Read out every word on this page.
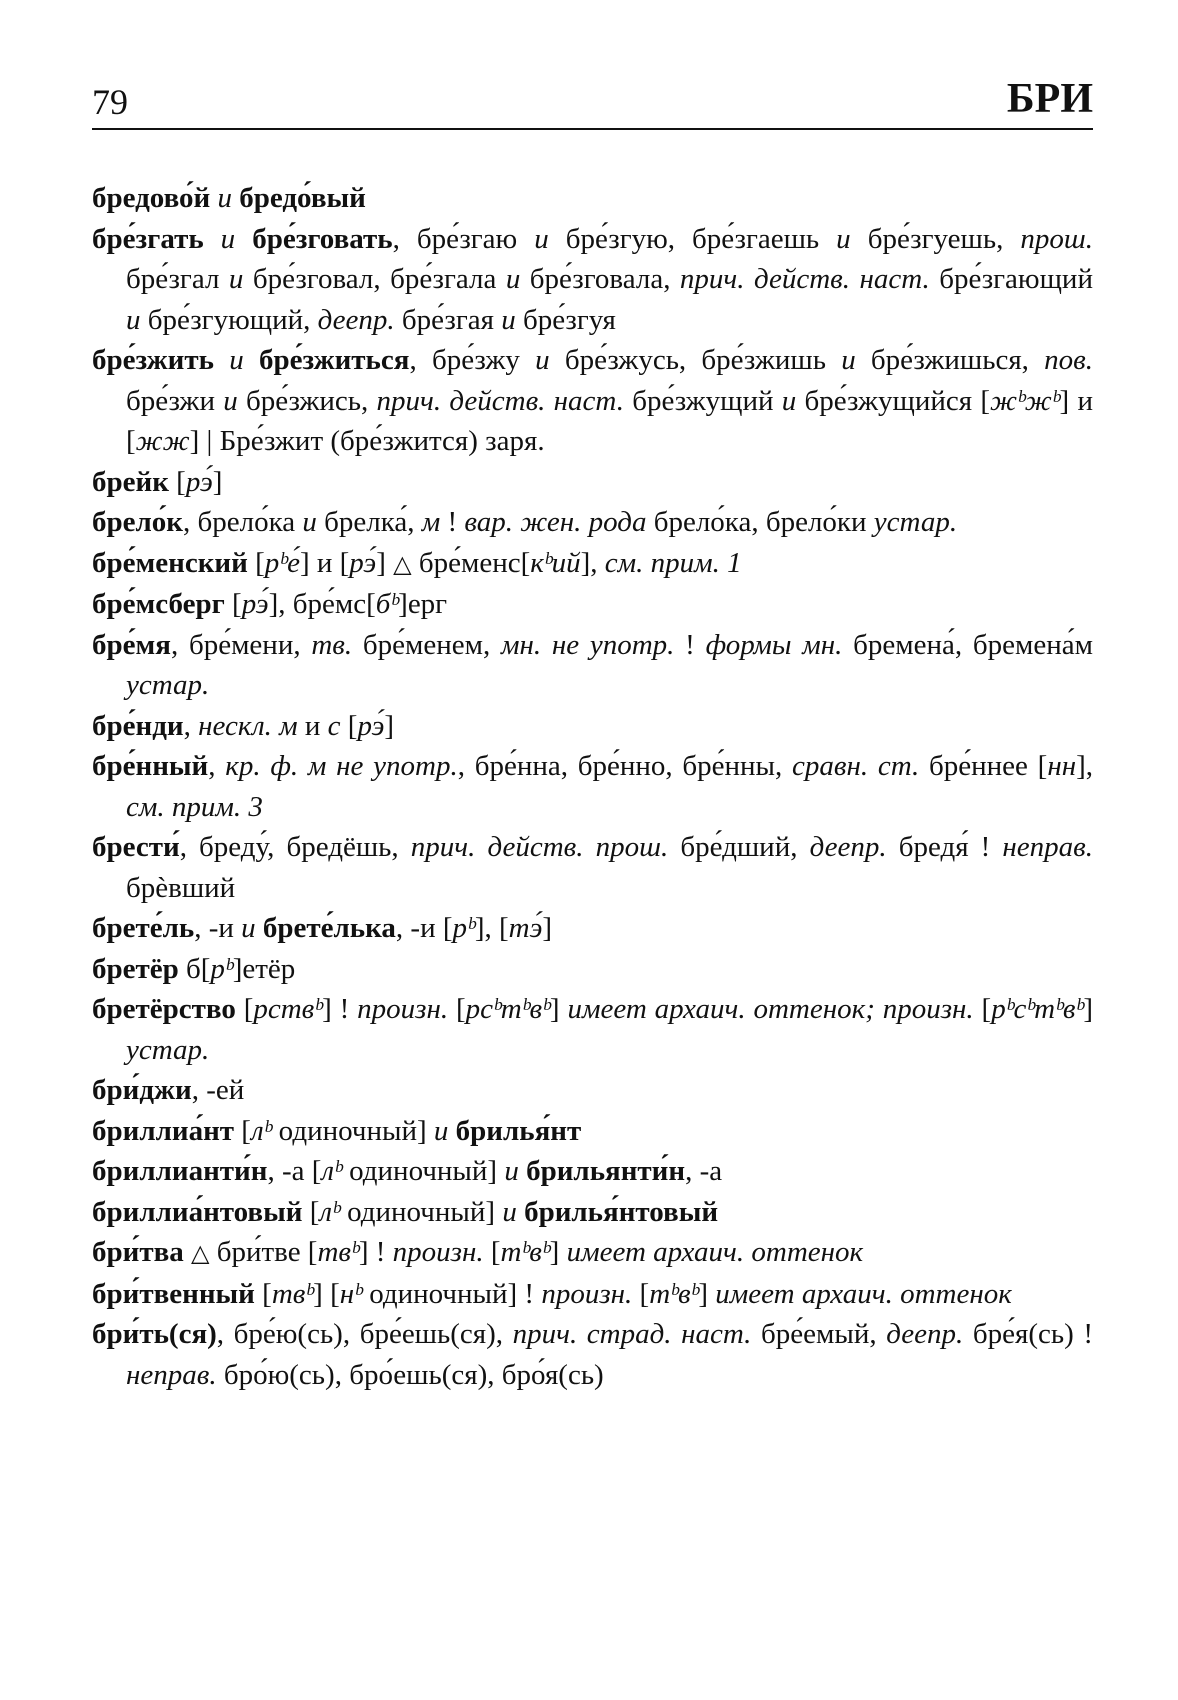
79	БРИ
бредово́й и бредо́вый
бре́згать и бре́зговать, бре́згаю и бре́згую, бре́згаешь и бре́згуешь, прош. бре́згал и бре́зговал, бре́згала и бре́зговала, прич. действ. наст. бре́згающий и бре́згующий, деепр. бре́згая и бре́згуя
бре́зжить и бре́зжиться, бре́зжу и бре́зжусь, бре́зжишь и бре́зжишься, пов. бре́зжи и бре́зжись, прич. действ. наст. бре́зжущий и бре́зжущийся [жᵇжᵇ] и [жж] | Бре́зжит (бре́зжится) заря.
брейк [рэ́]
брело́к, брело́ка и брелка́, м ! вар. жен. рода брело́ка, брело́ки устар.
бре́менский [рᵇе́] и [рэ́] △ бре́менс[кᵇий], см. прим. 1
бре́мсберг [рэ́], бре́мс[бᵇ]ерг
бре́мя, бре́мени, тв. бре́менем, мн. не употр. ! формы мн. бремена́, бремена́м устар.
бре́нди, нескл. м и с [рэ́]
бре́нный, кр. ф. м не употр., бре́нна, бре́нно, бре́нны, сравн. ст. бре́ннее [нн], см. прим. 3
брести́, бреду́, бредёшь, прич. действ. прош. бре́дший, деепр. бредя́ ! неправ. брѐвший
брете́ль, -и и брете́лька, -и [рᵇ], [тэ́]
бретёр б[рᵇ]етёр
бретёрство [рствᵇ] ! произн. [рсᵇтᵇвᵇ] имеет архаич. оттенок; произн. [рᵇсᵇтᵇвᵇ] устар.
бри́джи, -ей
бриллиа́нт [лᵇ одиночный] и брилья́нт
бриллианти́н, -а [лᵇ одиночный] и брильянти́н, -а
бриллиа́нтовый [лᵇ одиночный] и брилья́нтовый
бри́тва △ бри́тве [твᵇ] ! произн. [тᵇвᵇ] имеет архаич. оттенок
бри́твенный [твᵇ] [нᵇ одиночный] ! произн. [тᵇвᵇ] имеет архаич. оттенок
бри́ть(ся), бре́ю(сь), бре́ешь(ся), прич. страд. наст. бре́емый, деепр. бре́я(сь) ! неправ. бро́ю(сь), бро́ешь(ся), бро́я(сь)
